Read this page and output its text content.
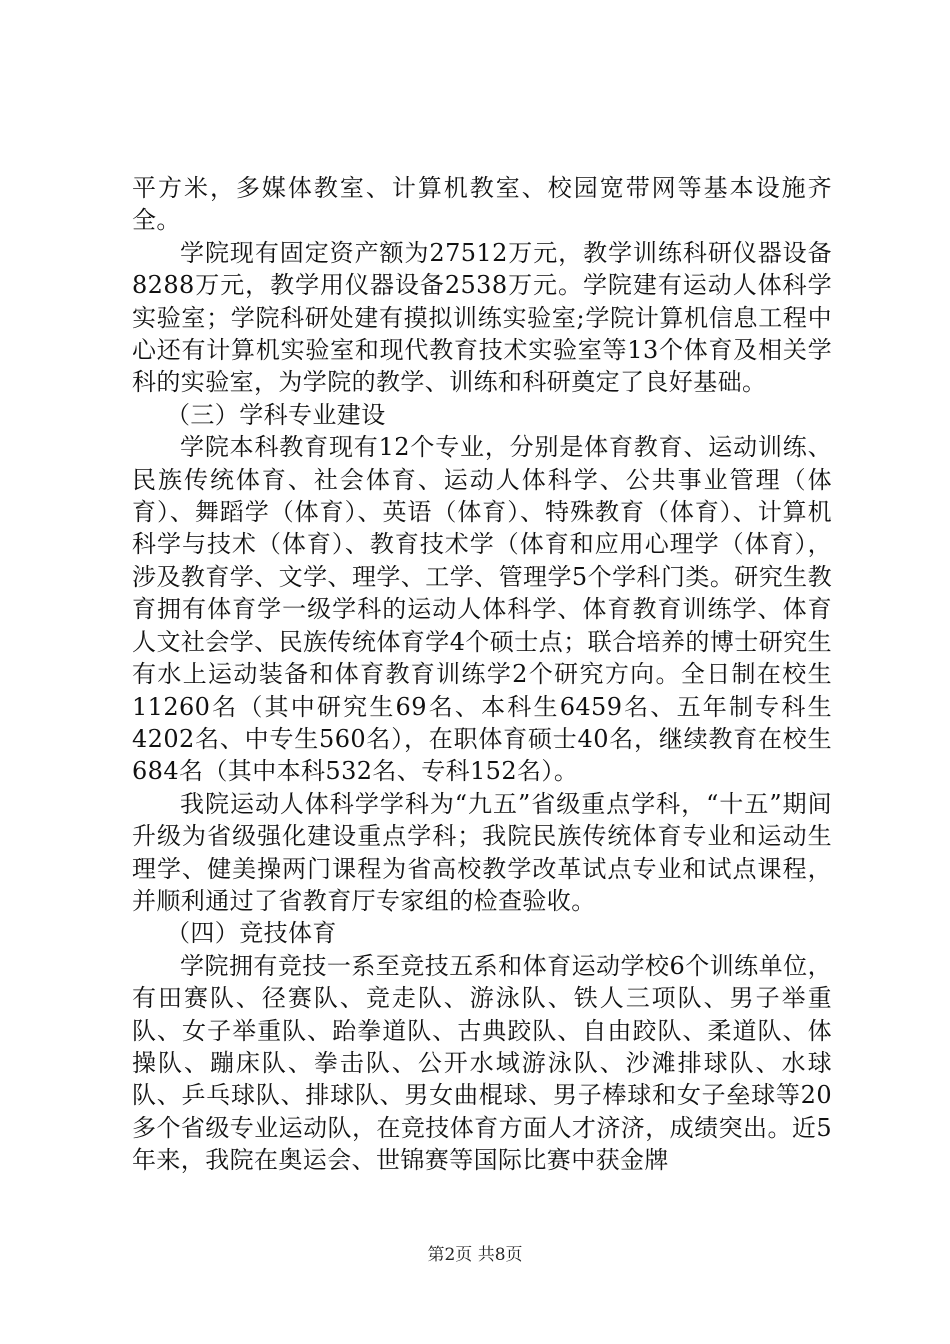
平方米，多媒体教室、计算机教室、校园宽带网等基本设施齐全。

学院现有固定资产额为27512万元，教学训练科研仪器设备8288万元，教学用仪器设备2538万元。学院建有运动人体科学实验室；学院科研处建有摸拟训练实验室;学院计算机信息工程中心还有计算机实验室和现代教育技术实验室等13个体育及相关学科的实验室，为学院的教学、训练和科研奠定了良好基础。

（三）学科专业建设

学院本科教育现有12个专业，分别是体育教育、运动训练、民族传统体育、社会体育、运动人体科学、公共事业管理（体育）、舞蹈学（体育）、英语（体育）、特殊教育（体育）、计算机科学与技术（体育）、教育技术学（体育和应用心理学（体育），涉及教育学、文学、理学、工学、管理学5个学科门类。研究生教育拥有体育学一级学科的运动人体科学、体育教育训练学、体育人文社会学、民族传统体育学4个硕士点；联合培养的博士研究生有水上运动装备和体育教育训练学2个研究方向。全日制在校生11260名（其中研究生69名、本科生6459名、五年制专科生4202名、中专生560名），在职体育硕士40名，继续教育在校生684名（其中本科532名、专科152名）。

我院运动人体科学学科为“九五”省级重点学科，“十五”期间升级为省级强化建设重点学科；我院民族传统体育专业和运动生理学、健美操两门课程为省高校教学改革试点专业和试点课程，并顺利通过了省教育厅专家组的检查验收。

（四）竞技体育

学院拥有竞技一系至竞技五系和体育运动学校6个训练单位，有田赛队、径赛队、竞走队、游泳队、铁人三项队、男子举重队、女子举重队、跆拳道队、古典跤队、自由跤队、柔道队、体操队、蹦床队、拳击队、公开水域游泳队、沙滩排球队、水球队、乒乓球队、排球队、男女曲棍球、男子棒球和女子垒球等20多个省级专业运动队，在竞技体育方面人才济济，成绩突出。近5年来，我院在奥运会、世锦赛等国际比赛中获金牌

第2页 共8页
